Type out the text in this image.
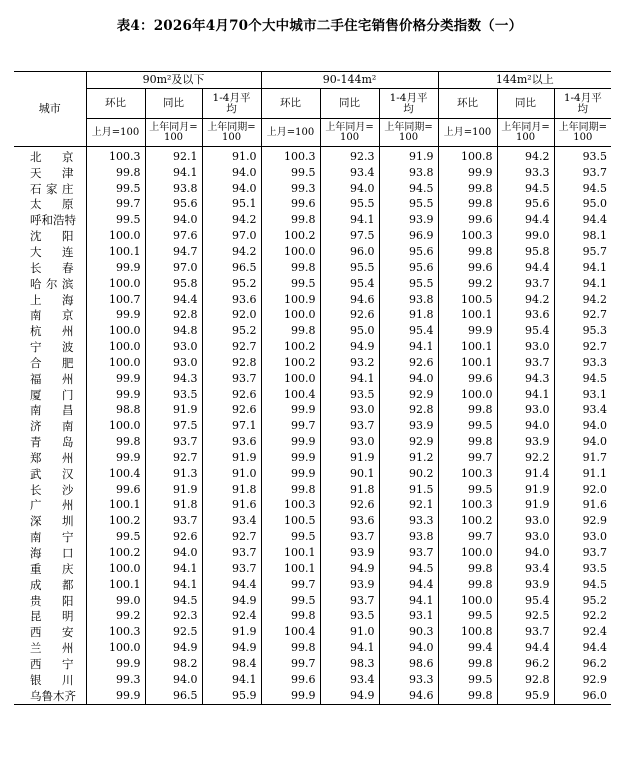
表4：2026年4月70个大中城市二手住宅销售价格分类指数（一）
城市	90m²及以下			90-144m²			144m²以上		
	环比	同比	1-4月平均	环比	同比	1-4月平均	环比	同比	1-4月平均
	上月=100	上年同月=100	上年同期=100	上月=100	上年同月=100	上年同期=100	上月=100	上年同月=100	上年同期=100
北京	100.3	92.1	91.0	100.3	92.3	91.9	100.8	94.2	93.5
天津	99.8	94.1	94.0	99.5	93.4	93.8	99.9	93.3	93.7
石家庄	99.5	93.8	94.0	99.3	94.0	94.5	99.8	94.5	94.5
太原	99.7	95.6	95.1	99.6	95.5	95.5	99.8	95.6	95.0
呼和浩特	99.5	94.0	94.2	99.8	94.1	93.9	99.6	94.4	94.4
沈阳	100.0	97.6	97.0	100.2	97.5	96.9	100.3	99.0	98.1
大连	100.1	94.7	94.2	100.0	96.0	95.6	99.8	95.8	95.7
长春	99.9	97.0	96.5	99.8	95.5	95.6	99.6	94.4	94.1
哈尔滨	100.0	95.8	95.2	99.5	95.4	95.5	99.2	93.7	94.1
上海	100.7	94.4	93.6	100.9	94.6	93.8	100.5	94.2	94.2
南京	99.9	92.8	92.0	100.0	92.6	91.8	100.1	93.6	92.7
杭州	100.0	94.8	95.2	99.8	95.0	95.4	99.9	95.4	95.3
宁波	100.0	93.0	92.7	100.2	94.9	94.1	100.1	93.0	92.7
合肥	100.0	93.0	92.8	100.2	93.2	92.6	100.1	93.7	93.3
福州	99.9	94.3	93.7	100.0	94.1	94.0	99.6	94.3	94.5
厦门	99.9	93.5	92.6	100.4	93.5	92.9	100.0	94.1	93.1
南昌	98.8	91.9	92.6	99.9	93.0	92.8	99.8	93.0	93.4
济南	100.0	97.5	97.1	99.7	93.7	93.9	99.5	94.0	94.0
青岛	99.8	93.7	93.6	99.9	93.0	92.9	99.8	93.9	94.0
郑州	99.9	92.7	91.9	99.9	91.9	91.2	99.7	92.2	91.7
武汉	100.4	91.3	91.0	99.9	90.1	90.2	100.3	91.4	91.1
长沙	99.6	91.9	91.8	99.8	91.8	91.5	99.5	91.9	92.0
广州	100.1	91.8	91.6	100.3	92.6	92.1	100.3	91.9	91.6
深圳	100.2	93.7	93.4	100.5	93.6	93.3	100.2	93.0	92.9
南宁	99.5	92.6	92.7	99.5	93.7	93.8	99.7	93.0	93.0
海口	100.2	94.0	93.7	100.1	93.9	93.7	100.0	94.0	93.7
重庆	100.0	94.1	93.7	100.1	94.9	94.5	99.8	93.4	93.5
成都	100.1	94.1	94.4	99.7	93.9	94.4	99.8	93.9	94.5
贵阳	99.0	94.5	94.9	99.5	93.7	94.1	100.0	95.4	95.2
昆明	99.2	92.3	92.4	99.8	93.5	93.1	99.5	92.5	92.2
西安	100.3	92.5	91.9	100.4	91.0	90.3	100.8	93.7	92.4
兰州	100.0	94.9	94.9	99.8	94.1	94.0	99.4	94.4	94.4
西宁	99.9	98.2	98.4	99.7	98.3	98.6	99.8	96.2	96.2
银川	99.3	94.0	94.1	99.6	93.4	93.3	99.5	92.8	92.9
乌鲁木齐	99.9	96.5	95.9	99.9	94.9	94.6	99.8	95.9	96.0
